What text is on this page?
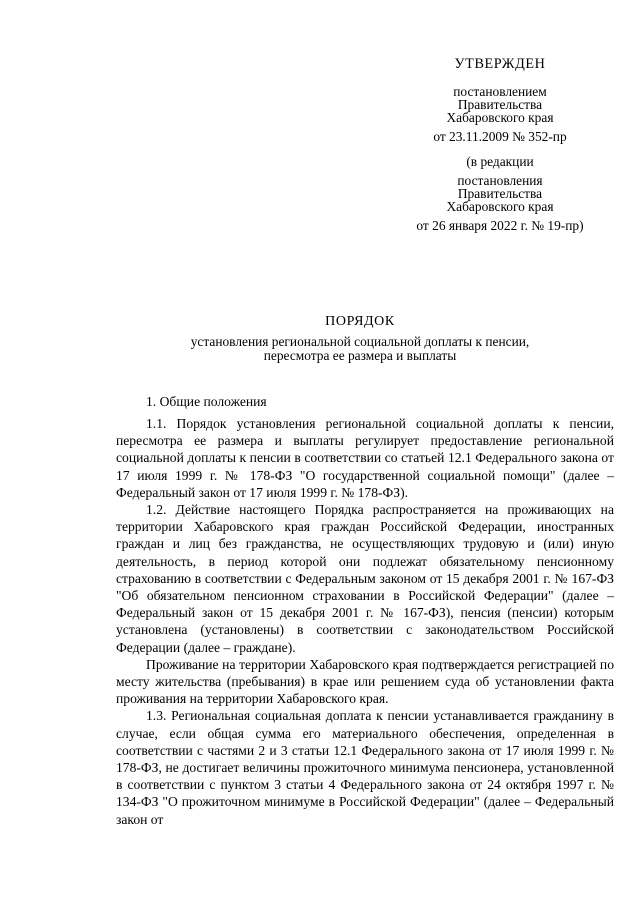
УТВЕРЖДЕН
постановлением
Правительства
Хабаровского края
от 23.11.2009 № 352-пр
(в редакции
постановления
Правительства
Хабаровского края
от 26 января 2022 г. № 19-пр)
ПОРЯДОК
установления региональной социальной доплаты к пенсии,
пересмотра ее размера и выплаты
1. Общие положения

1.1. Порядок установления региональной социальной доплаты к пенсии, пересмотра ее размера и выплаты регулирует предоставление региональной социальной доплаты к пенсии в соответствии со статьей 12.1 Федерального закона от 17 июля 1999 г. № 178-ФЗ "О государственной социальной помощи" (далее – Федеральный закон от 17 июля 1999 г. № 178-ФЗ).

1.2. Действие настоящего Порядка распространяется на проживающих на территории Хабаровского края граждан Российской Федерации, иностранных граждан и лиц без гражданства, не осуществляющих трудовую и (или) иную деятельность, в период которой они подлежат обязательному пенсионному страхованию в соответствии с Федеральным законом от 15 декабря 2001 г. № 167-ФЗ "Об обязательном пенсионном страховании в Российской Федерации" (далее – Федеральный закон от 15 декабря 2001 г. № 167-ФЗ), пенсия (пенсии) которым установлена (установлены) в соответствии с законодательством Российской Федерации (далее – граждане).

Проживание на территории Хабаровского края подтверждается регистрацией по месту жительства (пребывания) в крае или решением суда об установлении факта проживания на территории Хабаровского края.

1.3. Региональная социальная доплата к пенсии устанавливается гражданину в случае, если общая сумма его материального обеспечения, определенная в соответствии с частями 2 и 3 статьи 12.1 Федерального закона от 17 июля 1999 г. № 178-ФЗ, не достигает величины прожиточного минимума пенсионера, установленной в соответствии с пунктом 3 статьи 4 Федерального закона от 24 октября 1997 г. № 134-ФЗ "О прожиточном минимуме в Российской Федерации" (далее – Федеральный закон от
